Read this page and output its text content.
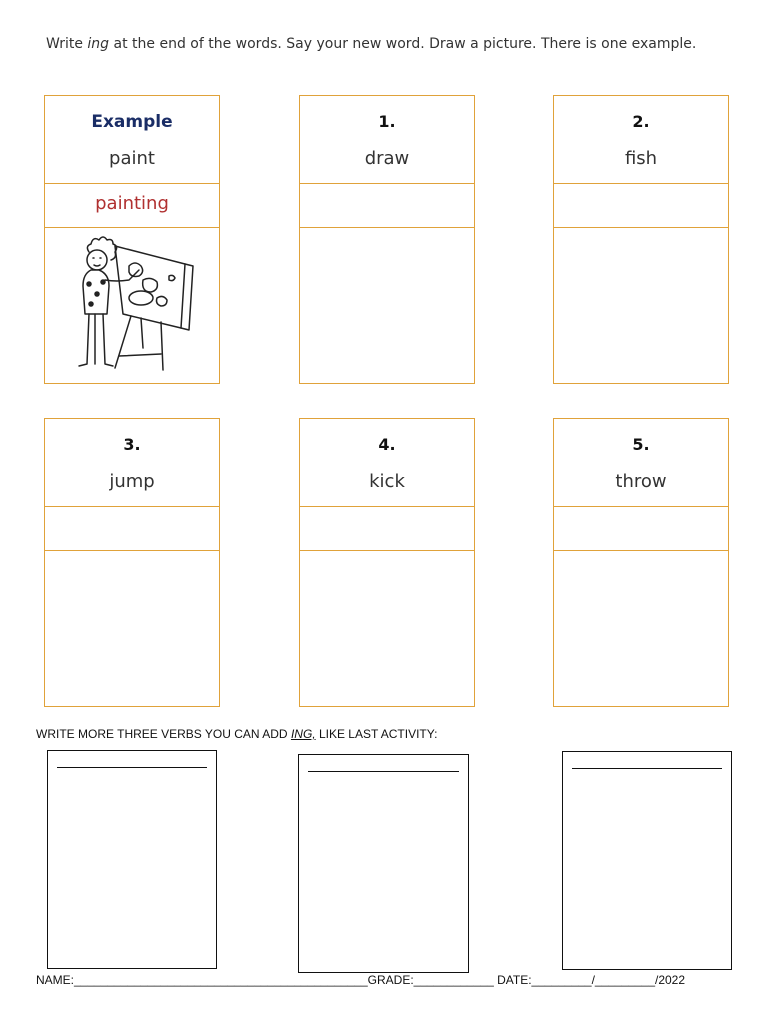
Write ing at the end of the words. Say your new word. Draw a picture. There is one example.
Example
paint
painting
1.
draw
2.
fish
3.
jump
4.
kick
5.
throw
WRITE MORE THREE VERBS YOU CAN ADD ING, LIKE LAST ACTIVITY:
NAME:____________________________________________GRADE:____________ DATE:_________/_________/2022
